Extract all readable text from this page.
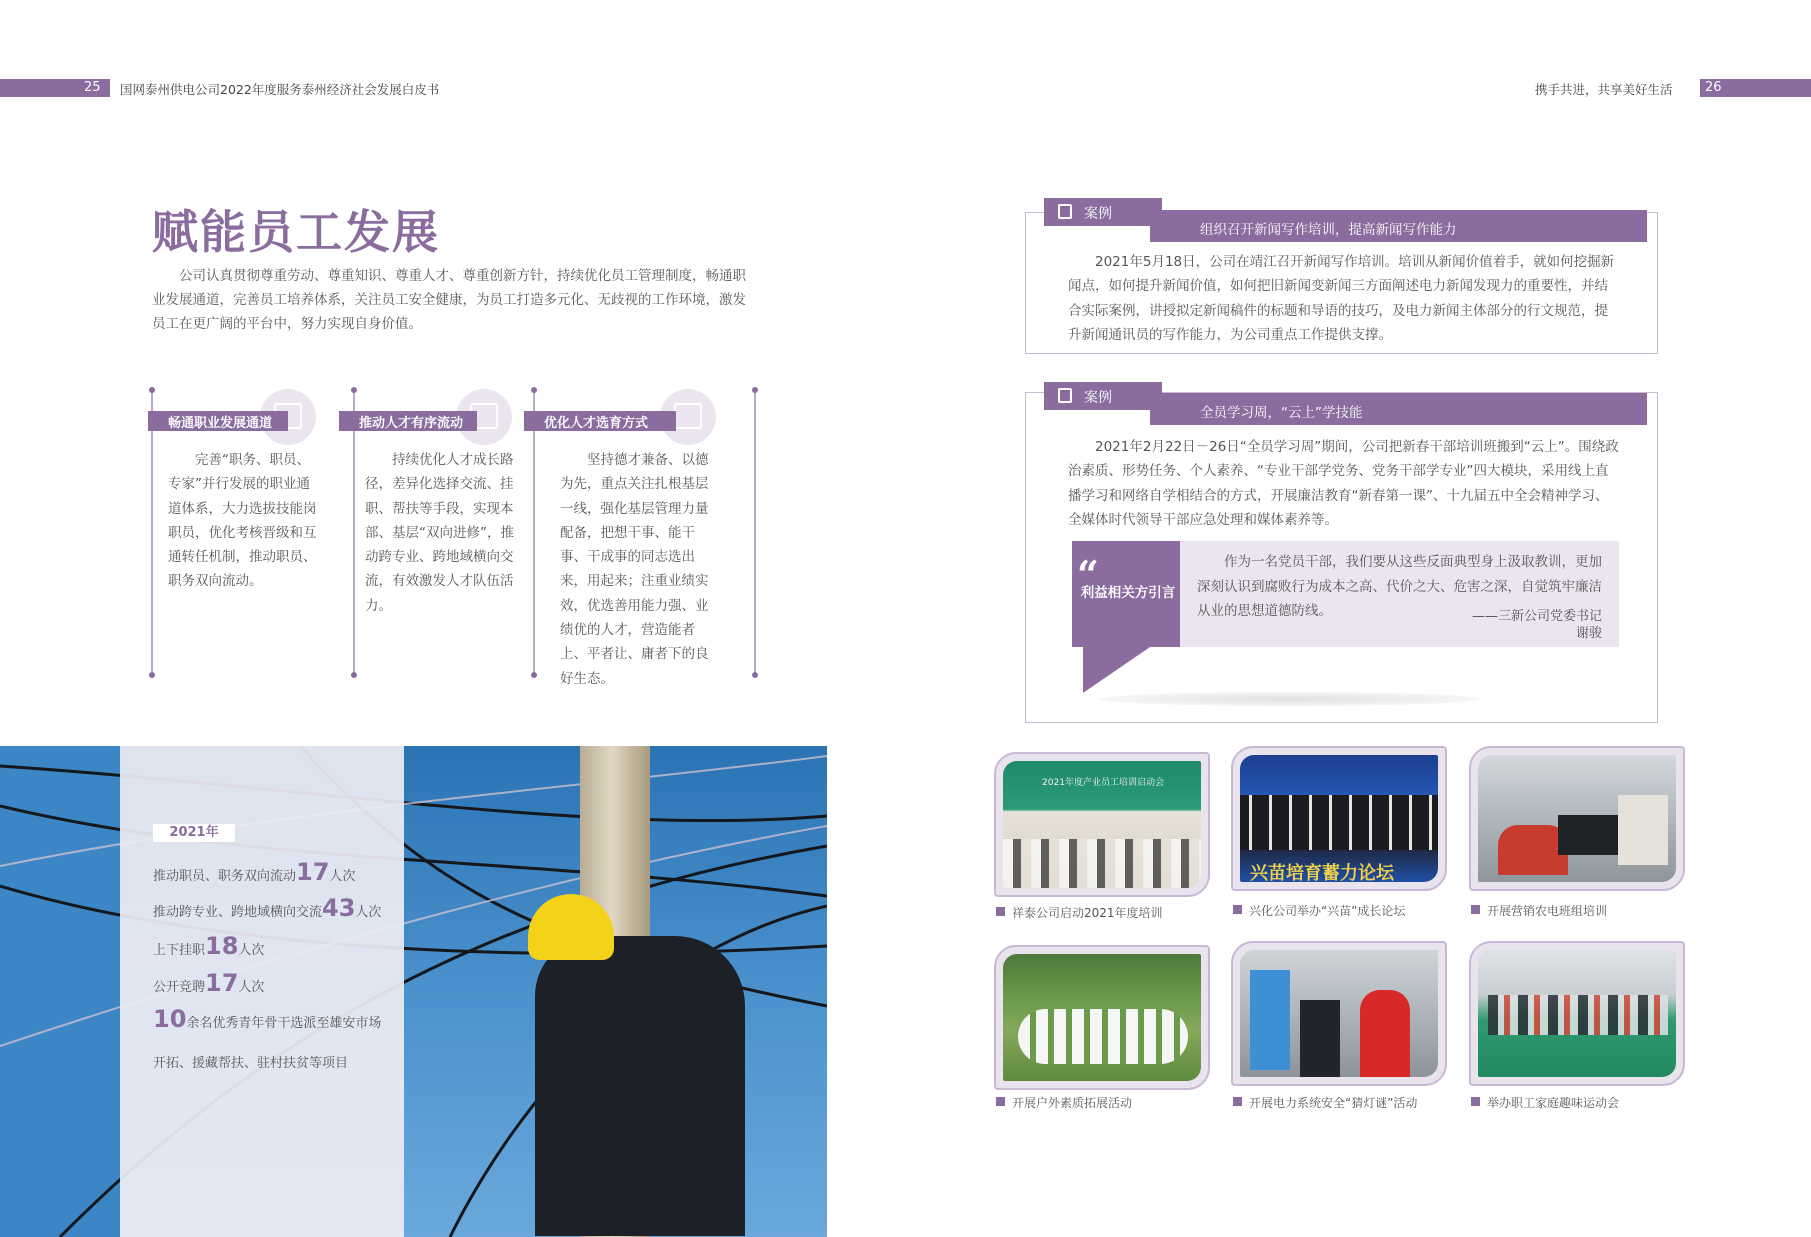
25 国网泰州供电公司2022年度服务泰州经济社会发展白皮书	携手共进，共享美好生活 26
赋能员工发展

公司认真贯彻尊重劳动、尊重知识、尊重人才、尊重创新方针，持续优化员工管理制度，畅通职业发展通道，完善员工培养体系，关注员工安全健康，为员工打造多元化、无歧视的工作环境，激发员工在更广阔的平台中，努力实现自身价值。

畅通职业发展通道	推动人才有序流动	优化人才选育方式

完善“职务、职员、专家”并行发展的职业通道体系，大力选拔技能岗职员，优化考核晋级和互通转任机制，推动职员、职务双向流动。

持续优化人才成长路径，差异化选择交流、挂职、帮扶等手段，实现本部、基层“双向进修”，推动跨专业、跨地域横向交流，有效激发人才队伍活力。

坚持德才兼备、以德为先，重点关注扎根基层一线，强化基层管理力量配备，把想干事、能干事、干成事的同志选出来，用起来；注重业绩实效，优选善用能力强、业绩优的人才，营造能者上、平者让、庸者下的良好生态。

2021年
推动职员、职务双向流动17人次
推动跨专业、跨地域横向交流43人次
上下挂职18人次
公开竞聘17人次
10余名优秀青年骨干选派至雄安市场
开拓、援藏帮扶、驻村扶贫等项目
案例
组织召开新闻写作培训，提高新闻写作能力

2021年5月18日，公司在靖江召开新闻写作培训。培训从新闻价值着手，就如何挖掘新闻点，如何提升新闻价值，如何把旧新闻变新闻三方面阐述电力新闻发现力的重要性，并结合实际案例，讲授拟定新闻稿件的标题和导语的技巧，及电力新闻主体部分的行文规范，提升新闻通讯员的写作能力，为公司重点工作提供支撑。

案例
全员学习周，“云上”学技能

2021年2月22日－26日“全员学习周”期间，公司把新春干部培训班搬到“云上”。围绕政治素质、形势任务、个人素养、“专业干部学党务、党务干部学专业”四大模块，采用线上直播学习和网络自学相结合的方式，开展廉洁教育“新春第一课”、十九届五中全会精神学习、全媒体时代领导干部应急处理和媒体素养等。

“
利益相关方引言

作为一名党员干部，我们要从这些反面典型身上汲取教训，更加深刻认识到腐败行为成本之高、代价之大、危害之深，自觉筑牢廉洁从业的思想道德防线。	——三新公司党委书记
谢骏
2021年度产业员工培训启动会
祥泰公司启动2021年度培训
兴苗培育蓄力论坛
兴化公司举办“兴苗”成长论坛	开展营销农电班组培训
开展户外素质拓展活动	开展电力系统安全“猜灯谜”活动	举办职工家庭趣味运动会
